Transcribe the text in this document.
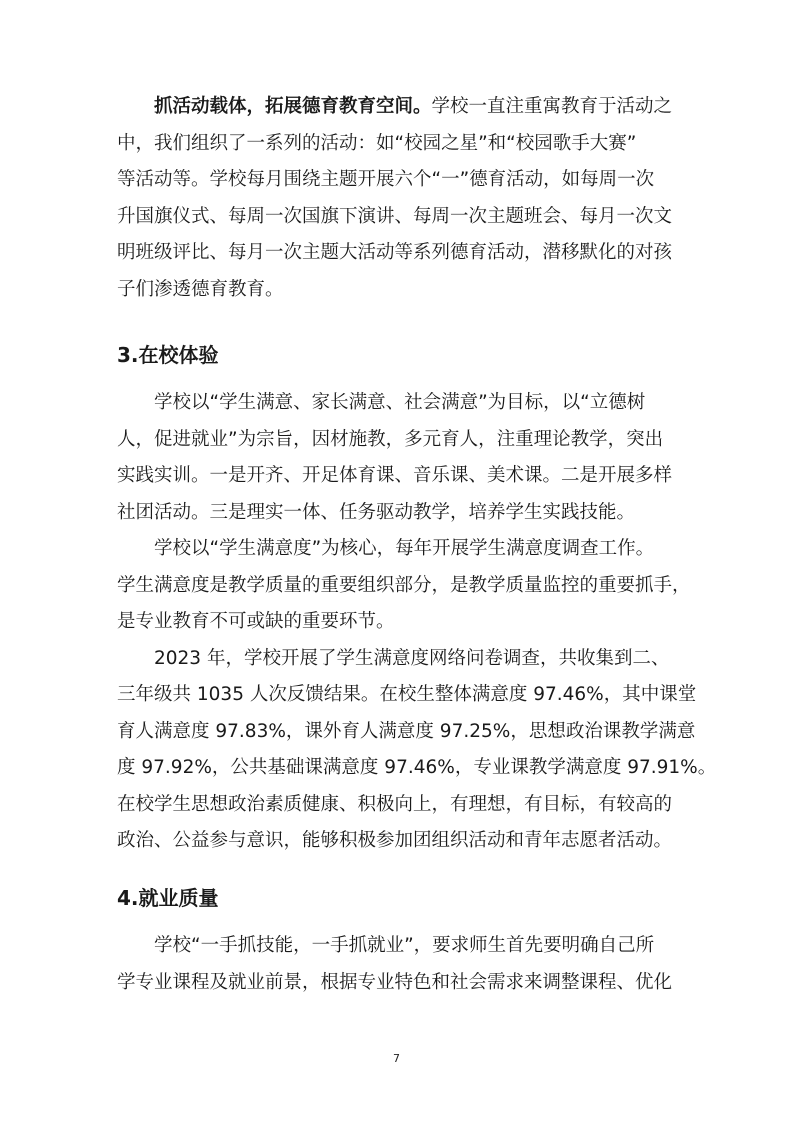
抓活动载体，拓展德育教育空间。学校一直注重寓教育于活动之
中，我们组织了一系列的活动：如“校园之星”和“校园歌手大赛”
等活动等。学校每月围绕主题开展六个“一”德育活动，如每周一次
升国旗仪式、每周一次国旗下演讲、每周一次主题班会、每月一次文
明班级评比、每月一次主题大活动等系列德育活动，潜移默化的对孩
子们渗透德育教育。

3.在校体验

学校以“学生满意、家长满意、社会满意”为目标，以“立德树
人，促进就业”为宗旨，因材施教，多元育人，注重理论教学，突出
实践实训。一是开齐、开足体育课、音乐课、美术课。二是开展多样
社团活动。三是理实一体、任务驱动教学，培养学生实践技能。

学校以“学生满意度”为核心，每年开展学生满意度调查工作。
学生满意度是教学质量的重要组织部分，是教学质量监控的重要抓手，
是专业教育不可或缺的重要环节。

2023 年，学校开展了学生满意度网络问卷调查，共收集到二、
三年级共 1035 人次反馈结果。在校生整体满意度 97.46%，其中课堂
育人满意度 97.83%，课外育人满意度 97.25%，思想政治课教学满意
度 97.92%，公共基础课满意度 97.46%，专业课教学满意度 97.91%。
在校学生思想政治素质健康、积极向上，有理想，有目标，有较高的
政治、公益参与意识，能够积极参加团组织活动和青年志愿者活动。

4.就业质量

学校“一手抓技能，一手抓就业”，要求师生首先要明确自己所
学专业课程及就业前景，根据专业特色和社会需求来调整课程、优化

7
